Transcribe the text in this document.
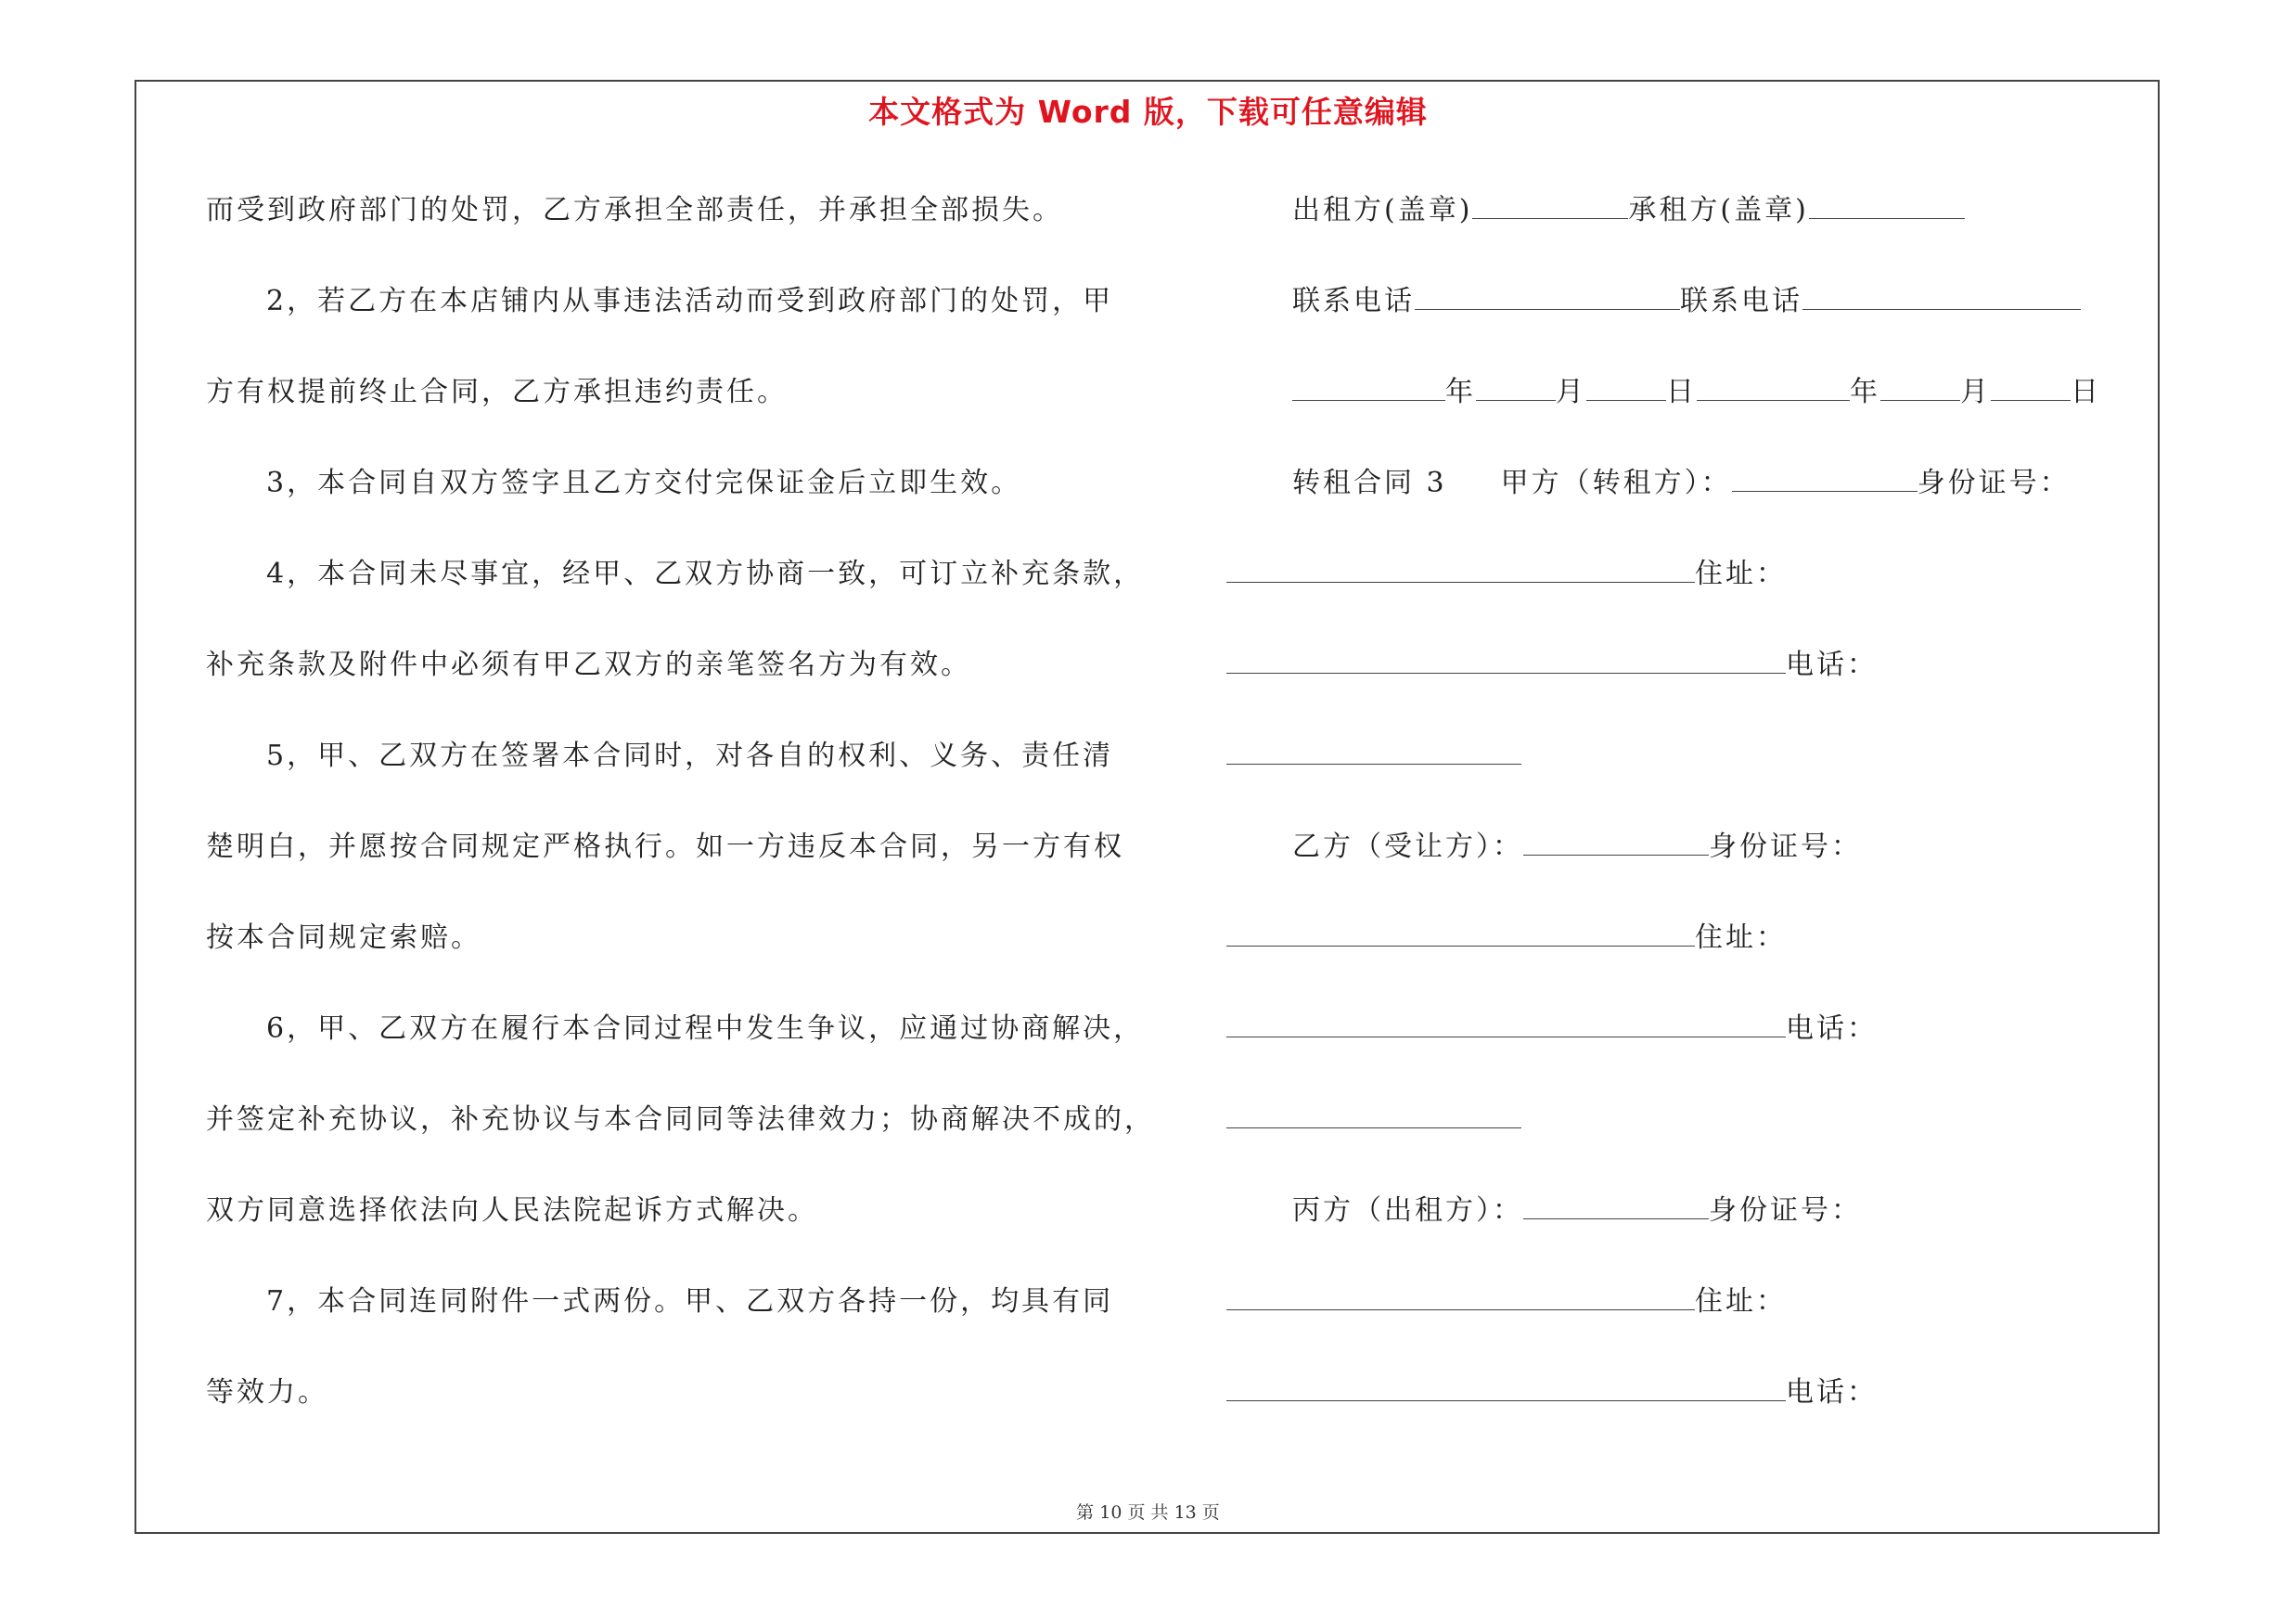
本文格式为 Word 版，下载可任意编辑
而受到政府部门的处罚，乙方承担全部责任，并承担全部损失。
2，若乙方在本店铺内从事违法活动而受到政府部门的处罚，甲
方有权提前终止合同，乙方承担违约责任。
3，本合同自双方签字且乙方交付完保证金后立即生效。
4，本合同未尽事宜，经甲、乙双方协商一致，可订立补充条款，
补充条款及附件中必须有甲乙双方的亲笔签名方为有效。
5，甲、乙双方在签署本合同时，对各自的权利、义务、责任清
楚明白，并愿按合同规定严格执行。如一方违反本合同，另一方有权
按本合同规定索赔。
6，甲、乙双方在履行本合同过程中发生争议，应通过协商解决，
并签定补充协议，补充协议与本合同同等法律效力；协商解决不成的，
双方同意选择依法向人民法院起诉方式解决。
7，本合同连同附件一式两份。甲、乙双方各持一份，均具有同
等效力。
出租方(盖章)	承租方(盖章)
联系电话	联系电话
年	月	日	年	月	日
转租合同 3 甲方（转租方）：	身份证号：
住址：
电话：
乙方（受让方）：	身份证号：
住址：
电话：
丙方（出租方）：	身份证号：
住址：
电话：
第 10 页 共 13 页
